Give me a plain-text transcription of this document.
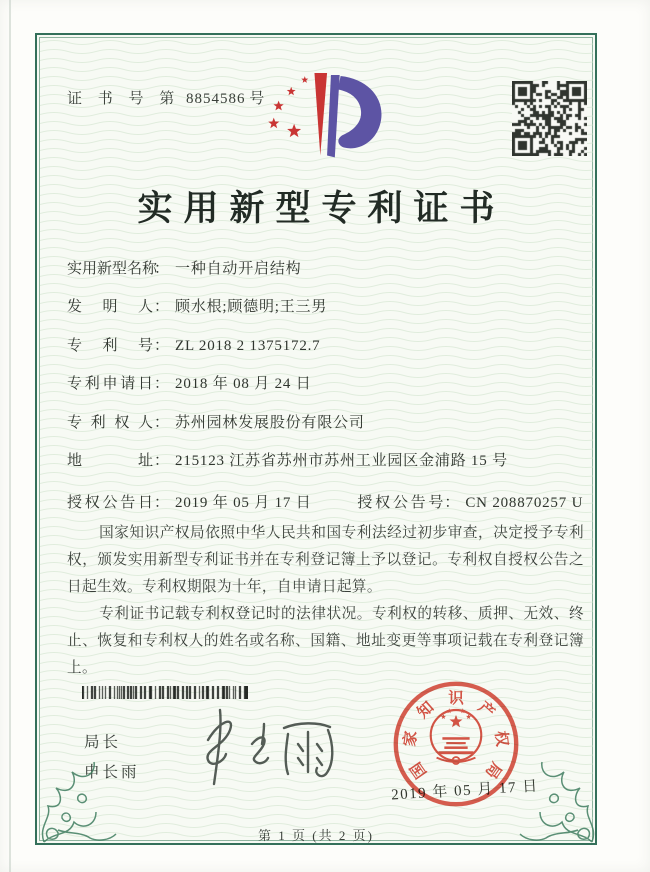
证 书 号 第 8854586 号
实用新型专利证书
实用新型名称： 一种自动开启结构
发明人： 顾水根;顾德明;王三男
专利号： ZL 2018 2 1375172.7
专利申请日： 2018 年 08 月 24 日
专利权人： 苏州园林发展股份有限公司
地址： 215123 江苏省苏州市苏州工业园区金浦路 15 号
授权公告日： 2019 年 05 月 17 日	授权公告号： CN 208870257 U

国家知识产权局依照中华人民共和国专利法经过初步审查，决定授予专利权，颁发实用新型专利证书并在专利登记簿上予以登记。专利权自授权公告之日起生效。专利权期限为十年，自申请日起算。

专利证书记载专利权登记时的法律状况。专利权的转移、质押、无效、终止、恢复和专利权人的姓名或名称、国籍、地址变更等事项记载在专利登记簿上。

局长
申长雨
2019 年 05 月 17 日
国
家
知 识 产
权
局
第 1 页 (共 2 页)
